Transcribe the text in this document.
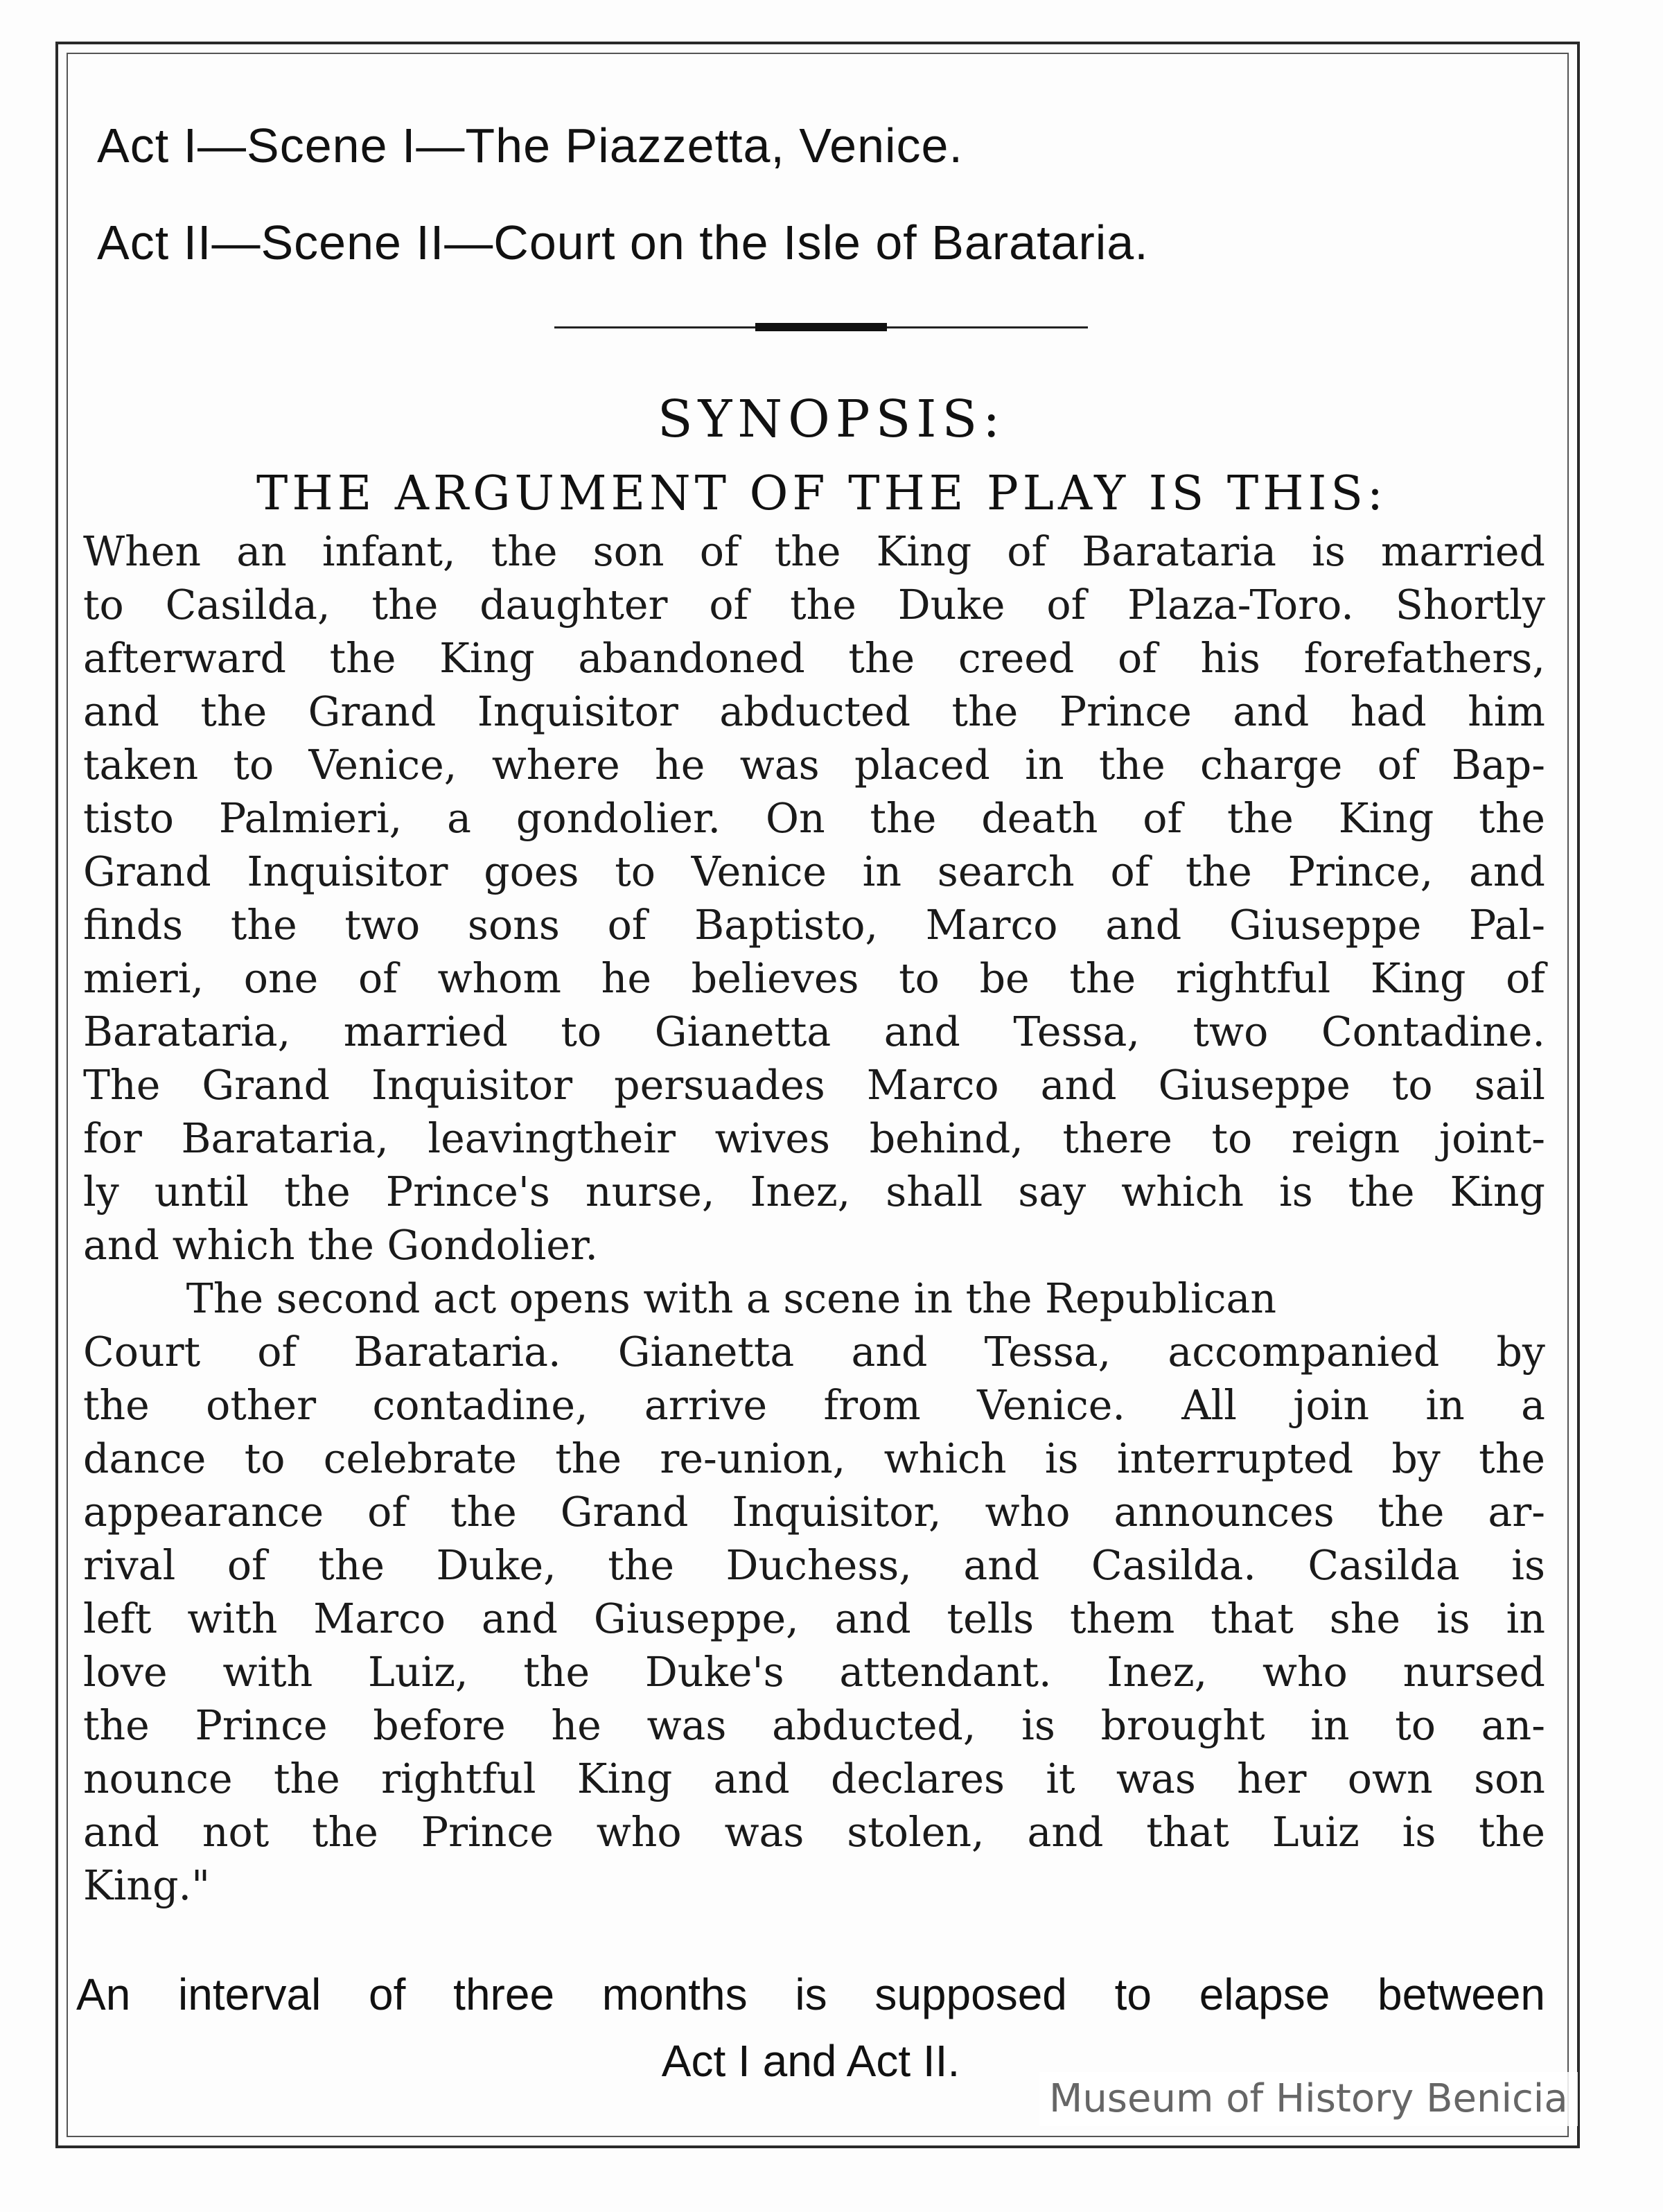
Act I—Scene I—The Piazzetta, Venice.
Act II—Scene II—Court on the Isle of Barataria.
SYNOPSIS:
THE ARGUMENT OF THE PLAY IS THIS:
When an infant, the son of the King of Barataria is married
to Casilda, the daughter of the Duke of Plaza-Toro. Shortly
afterward the King abandoned the creed of his forefathers,
and the Grand Inquisitor abducted the Prince and had him
taken to Venice, where he was placed in the charge of Bap-
tisto Palmieri, a gondolier. On the death of the King the
Grand Inquisitor goes to Venice in search of the Prince, and
finds the two sons of Baptisto, Marco and Giuseppe Pal-
mieri, one of whom he believes to be the rightful King of
Barataria, married to Gianetta and Tessa, two Contadine.
The Grand Inquisitor persuades Marco and Giuseppe to sail
for Barataria, leavingtheir wives behind, there to reign joint-
ly until the Prince's nurse, Inez, shall say which is the King
and which the Gondolier.
The second act opens with a scene in the Republican
Court of Barataria. Gianetta and Tessa, accompanied by
the other contadine, arrive from Venice. All join in a
dance to celebrate the re-union, which is interrupted by the
appearance of the Grand Inquisitor, who announces the ar-
rival of the Duke, the Duchess, and Casilda. Casilda is
left with Marco and Giuseppe, and tells them that she is in
love with Luiz, the Duke's attendant. Inez, who nursed
the Prince before he was abducted, is brought in to an-
nounce the rightful King and declares it was her own son
and not the Prince who was stolen, and that Luiz is the
King."
An interval of three months is supposed to elapse between
Act I and Act II.
Museum of History Benicia
